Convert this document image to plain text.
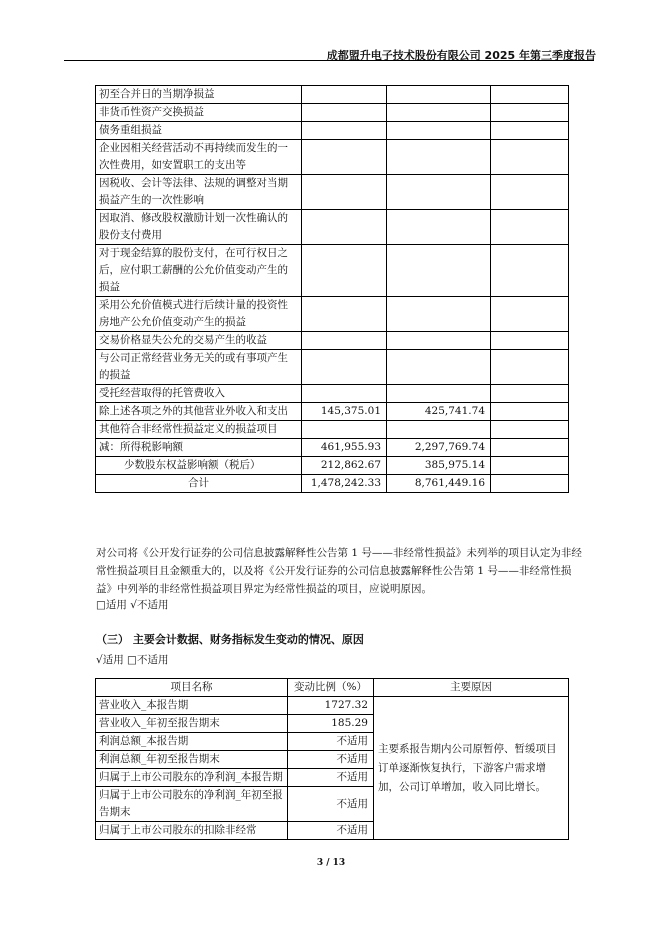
成都盟升电子技术股份有限公司 2025 年第三季度报告
初至合并日的当期净损益			
非货币性资产交换损益			
债务重组损益			
企业因相关经营活动不再持续而发生的一次性费用，如安置职工的支出等			
因税收、会计等法律、法规的调整对当期损益产生的一次性影响			
因取消、修改股权激励计划一次性确认的股份支付费用			
对于现金结算的股份支付，在可行权日之后，应付职工薪酬的公允价值变动产生的损益			
采用公允价值模式进行后续计量的投资性房地产公允价值变动产生的损益			
交易价格显失公允的交易产生的收益			
与公司正常经营业务无关的或有事项产生的损益			
受托经营取得的托管费收入			
除上述各项之外的其他营业外收入和支出	145,375.01	425,741.74	
其他符合非经常性损益定义的损益项目			
减：所得税影响额	461,955.93	2,297,769.74	
少数股东权益影响额（税后）	212,862.67	385,975.14	
合计	1,478,242.33	8,761,449.16	
对公司将《公开发行证券的公司信息披露解释性公告第 1 号——非经常性损益》未列举的项目认定为非经常性损益项目且金额重大的，以及将《公开发行证券的公司信息披露解释性公告第 1 号——非经常性损益》中列举的非经常性损益项目界定为经常性损益的项目，应说明原因。
□适用 √不适用
（三） 主要会计数据、财务指标发生变动的情况、原因
√适用 □不适用
项目名称	变动比例（%）	主要原因
营业收入_本报告期	1727.32	主要系报告期内公司原暂停、暂缓项目订单逐渐恢复执行，下游客户需求增加，公司订单增加，收入同比增长。
营业收入_年初至报告期末	185.29	
利润总额_本报告期	不适用	
利润总额_年初至报告期末	不适用	
归属于上市公司股东的净利润_本报告期	不适用	
归属于上市公司股东的净利润_年初至报告期末	不适用	
归属于上市公司股东的扣除非经常	不适用	
3 / 13
